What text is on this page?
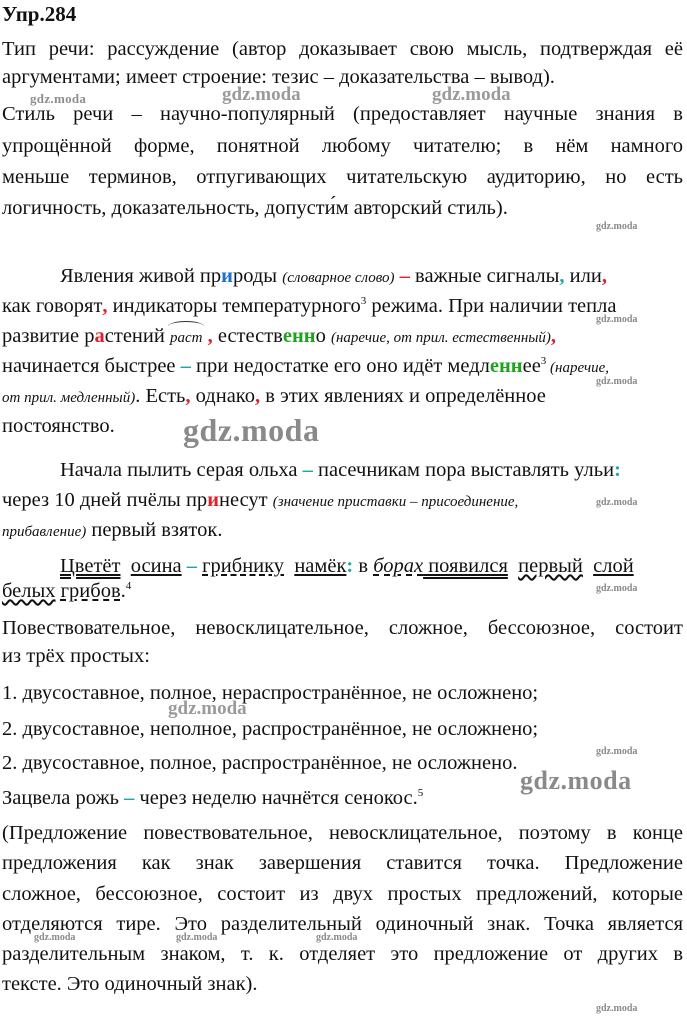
Упр.284
Тип речи: рассуждение (автор доказывает свою мысль, подтверждая её
аргументами; имеет строение: тезис – доказательства – вывод).
Стиль речи – научно-популярный (предоставляет научные знания в
упрощённой форме, понятной любому читателю; в нём намного
меньше терминов, отпугивающих читательскую аудиторию, но есть
логичность, доказательность, допусти́м авторский стиль).
Явления живой природы (словарное слово) – важные сигналы, или,
как говорят, индикаторы температурного$^3$ режима. При наличии тепла
развитие растений раст , естественно (наречие, от прил. естественный),
начинается быстрее – при недостатке его оно идёт медленнее$^3$ (наречие,
от прил. медленный). Есть, однако, в этих явлениях и определённое
постоянство.
Начала пылить серая ольха – пасечникам пора выставлять ульи:
через 10 дней пчёлы принесут (значение приставки – присоединение,
прибавление) первый взяток.
Цветёт осина – грибнику намёк: в борах появился первый слой
белых грибов.$^4$
Повествовательное, невосклицательное, сложное, бессоюзное, состоит
из трёх простых:
1. двусоставное, полное, нераспространённое, не осложнено;
2. двусоставное, неполное, распространённое, не осложнено;
2. двусоставное, полное, распространённое, не осложнено.
Зацвела рожь – через неделю начнётся сенокос.$^5$
(Предложение повествовательное, невосклицательное, поэтому в конце
предложения как знак завершения ставится точка. Предложение
сложное, бессоюзное, состоит из двух простых предложений, которые
отделяются тире. Это разделительный одиночный знак. Точка является
разделительным знаком, т. к. отделяет это предложение от других в
тексте. Это одиночный знак).
gdz.moda	gdz.moda	gdz.moda
gdz.moda
gdz.moda
gdz.moda
gdz.moda
gdz.moda
gdz.moda
gdz.moda
gdz.moda
gdz.moda
gdz.moda	gdz.moda	gdz.moda
gdz.moda
